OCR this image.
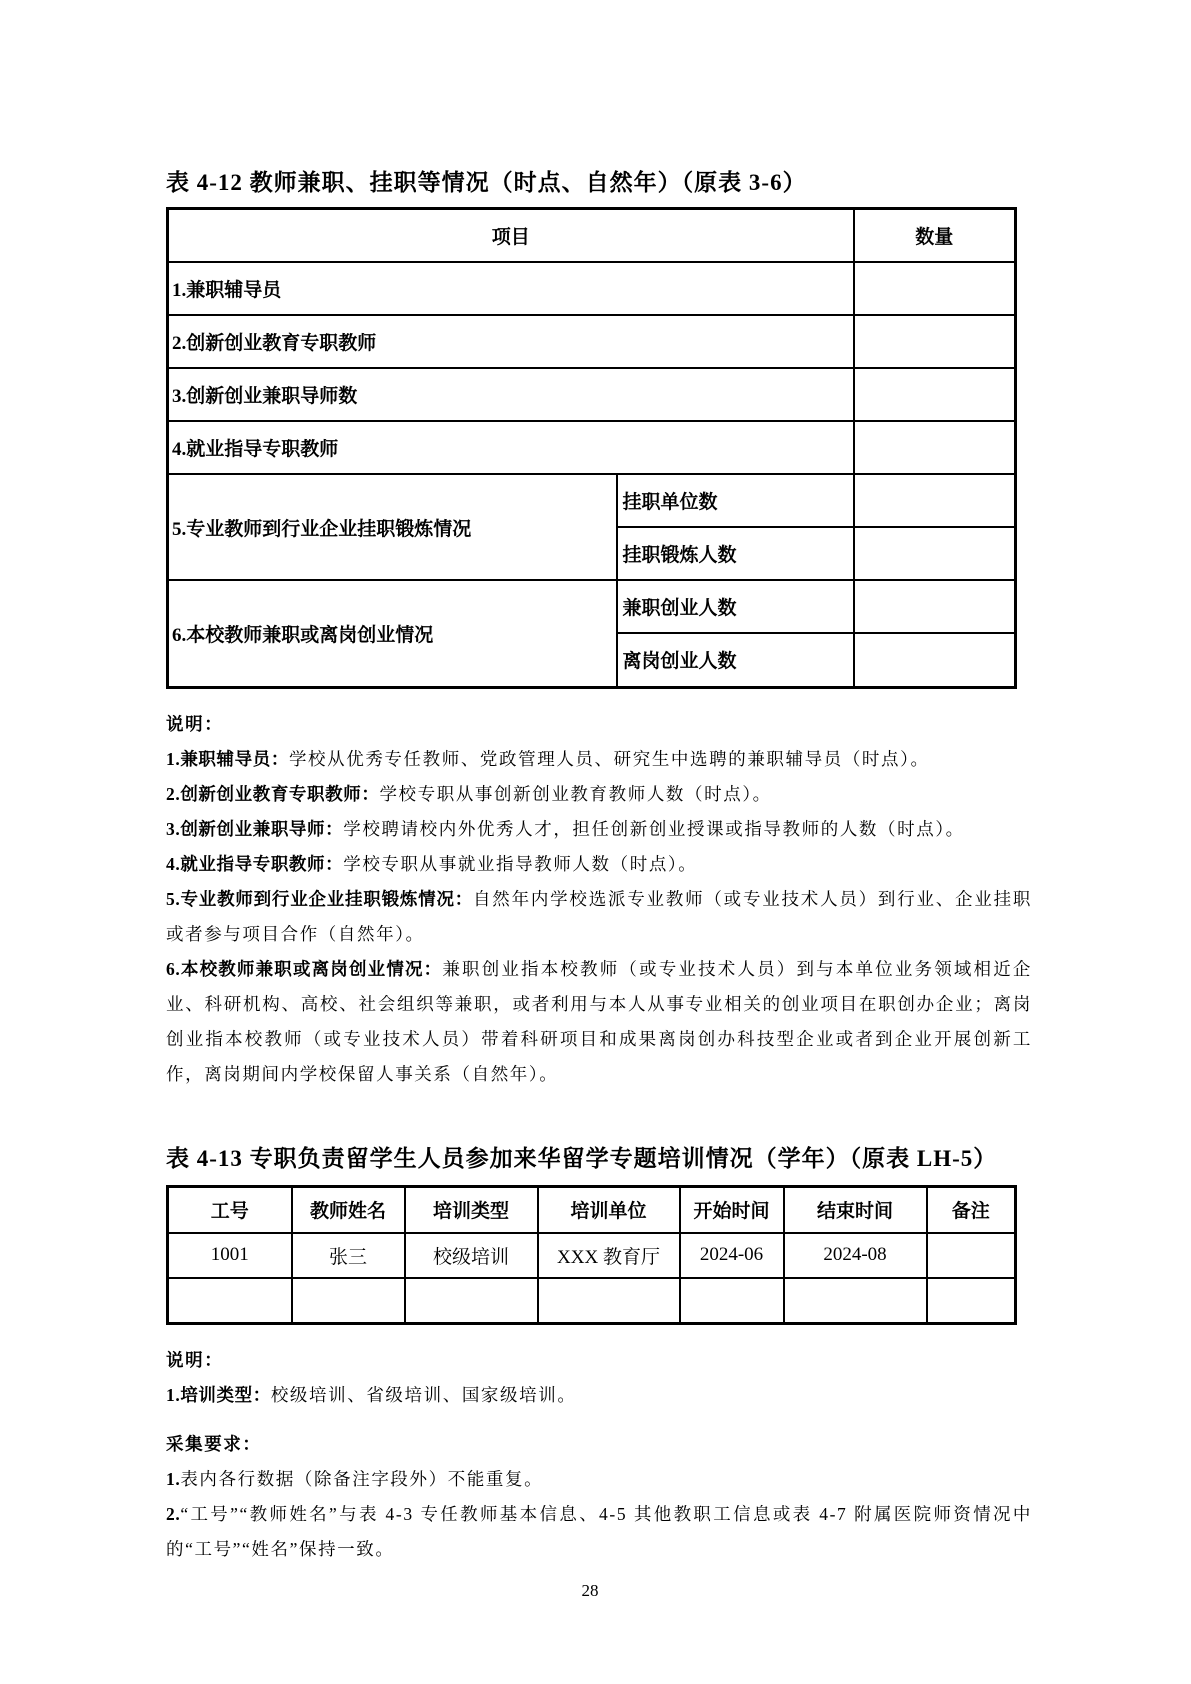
表 4-12 教师兼职、挂职等情况（时点、自然年）（原表 3-6）
项目		数量
1.兼职辅导员		
2.创新创业教育专职教师		
3.创新创业兼职导师数		
4.就业指导专职教师		
5.专业教师到行业企业挂职锻炼情况	挂职单位数	
	挂职锻炼人数	
6.本校教师兼职或离岗创业情况	兼职创业人数	
	离岗创业人数	

说明：

1.兼职辅导员：学校从优秀专任教师、党政管理人员、研究生中选聘的兼职辅导员（时点）。

2.创新创业教育专职教师：学校专职从事创新创业教育教师人数（时点）。

3.创新创业兼职导师：学校聘请校内外优秀人才，担任创新创业授课或指导教师的人数（时点）。

4.就业指导专职教师：学校专职从事就业指导教师人数（时点）。

5.专业教师到行业企业挂职锻炼情况：自然年内学校选派专业教师（或专业技术人员）到行业、企业挂职或者参与项目合作（自然年）。

6.本校教师兼职或离岗创业情况：兼职创业指本校教师（或专业技术人员）到与本单位业务领域相近企业、科研机构、高校、社会组织等兼职，或者利用与本人从事专业相关的创业项目在职创办企业；离岗创业指本校教师（或专业技术人员）带着科研项目和成果离岗创办科技型企业或者到企业开展创新工作，离岗期间内学校保留人事关系（自然年）。

表 4-13 专职负责留学生人员参加来华留学专题培训情况（学年）（原表 LH-5）
工号	教师姓名	培训类型	培训单位	开始时间	结束时间	备注
1001	张三	校级培训	XXX 教育厅	2024-06	2024-08	

说明：

1.培训类型：校级培训、省级培训、国家级培训。

采集要求：

1.表内各行数据（除备注字段外）不能重复。

2.“工号”“教师姓名”与表 4-3 专任教师基本信息、4-5 其他教职工信息或表 4-7 附属医院师资情况中的“工号”“姓名”保持一致。

28
